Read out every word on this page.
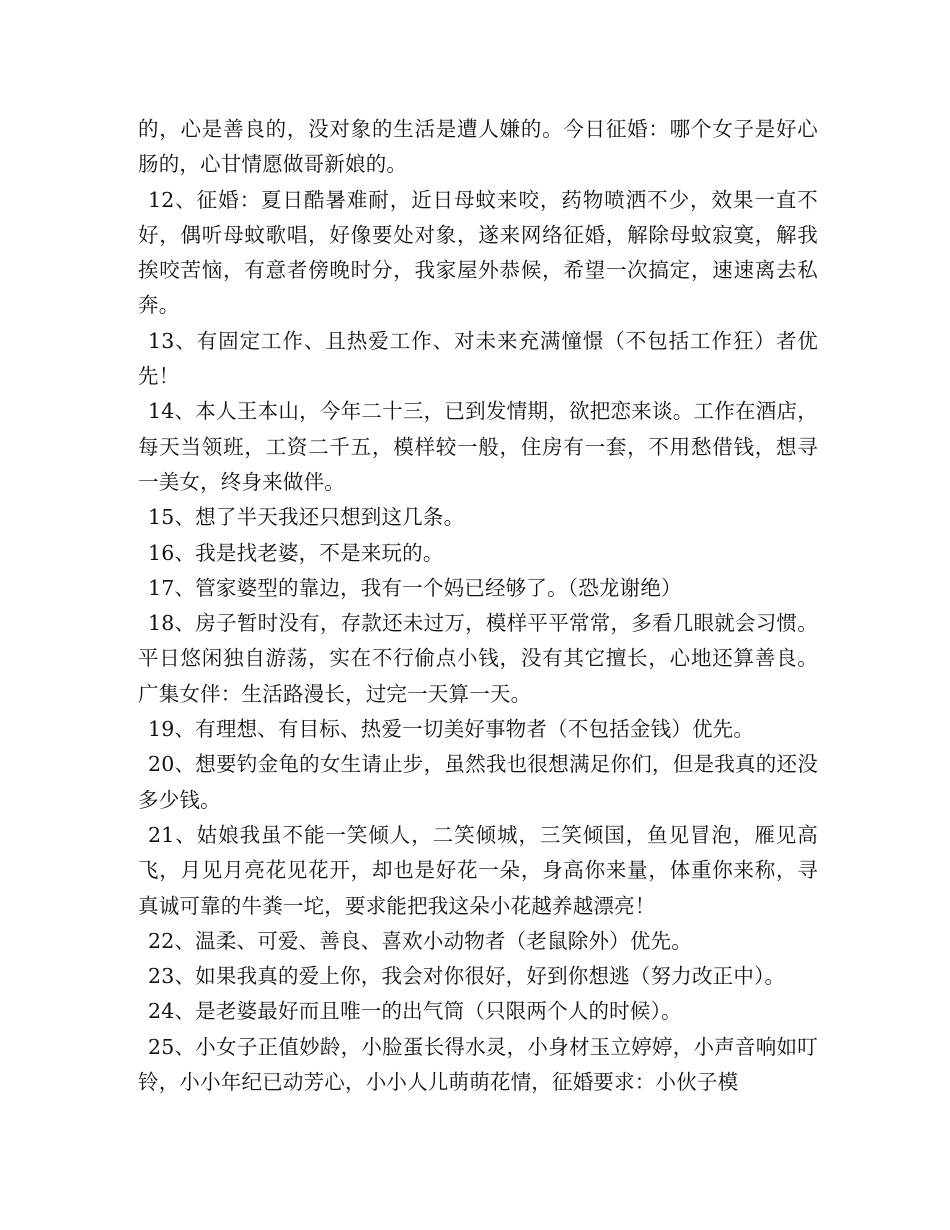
的，心是善良的，没对象的生活是遭人嫌的。今日征婚：哪个女子是好心肠的，心甘情愿做哥新娘的。

12、征婚：夏日酷暑难耐，近日母蚊来咬，药物喷洒不少，效果一直不好，偶听母蚊歌唱，好像要处对象，遂来网络征婚，解除母蚊寂寞，解我挨咬苦恼，有意者傍晚时分，我家屋外恭候，希望一次搞定，速速离去私奔。

13、有固定工作、且热爱工作、对未来充满憧憬（不包括工作狂）者优先！

14、本人王本山，今年二十三，已到发情期，欲把恋来谈。工作在酒店，每天当领班，工资二千五，模样较一般，住房有一套，不用愁借钱，想寻一美女，终身来做伴。

15、想了半天我还只想到这几条。

16、我是找老婆，不是来玩的。

17、管家婆型的靠边，我有一个妈已经够了。（恐龙谢绝）

18、房子暂时没有，存款还未过万，模样平平常常，多看几眼就会习惯。平日悠闲独自游荡，实在不行偷点小钱，没有其它擅长，心地还算善良。广集女伴：生活路漫长，过完一天算一天。

19、有理想、有目标、热爱一切美好事物者（不包括金钱）优先。

20、想要钓金龟的女生请止步，虽然我也很想满足你们，但是我真的还没多少钱。

21、姑娘我虽不能一笑倾人，二笑倾城，三笑倾国，鱼见冒泡，雁见高飞，月见月亮花见花开，却也是好花一朵，身高你来量，体重你来称，寻真诚可靠的牛粪一坨，要求能把我这朵小花越养越漂亮！

22、温柔、可爱、善良、喜欢小动物者（老鼠除外）优先。

23、如果我真的爱上你，我会对你很好，好到你想逃（努力改正中）。

24、是老婆最好而且唯一的出气筒（只限两个人的时候）。

25、小女子正值妙龄，小脸蛋长得水灵，小身材玉立婷婷，小声音响如叮铃，小小年纪已动芳心，小小人儿萌萌花情，征婚要求：小伙子模
